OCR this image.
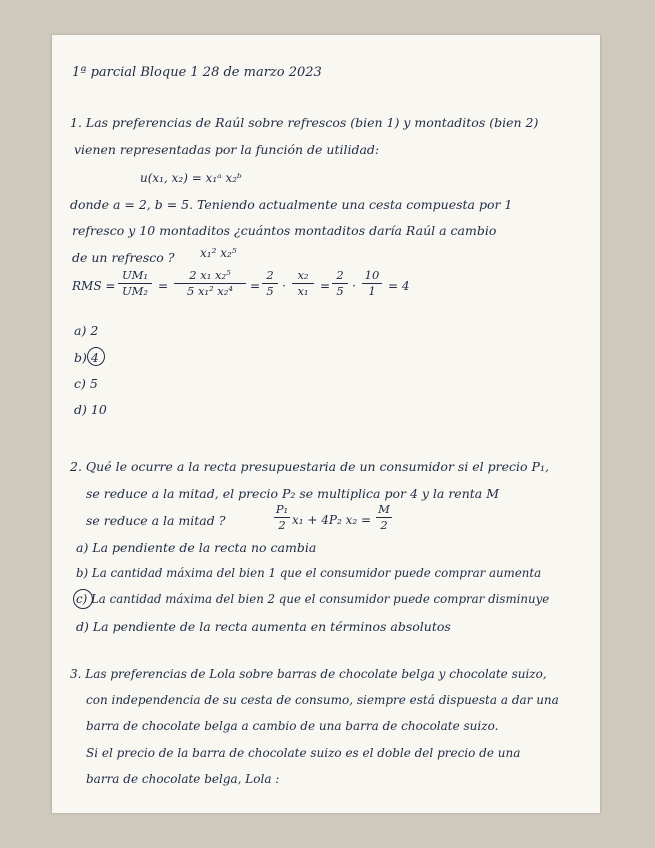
1ª parcial Bloque 1 28 de marzo 2023
1. Las preferencias de Raúl sobre refrescos (bien 1) y montaditos (bien 2)
vienen representadas por la función de utilidad:
u(x₁, x₂) = x₁ᵃ x₂ᵇ
donde a = 2, b = 5. Teniendo actualmente una cesta compuesta por 1
refresco y 10 montaditos ¿cuántos montaditos daría Raúl a cambio
de un refresco ? x₁² x₂⁵
RMS =
UM₁
UM₂ =
2 x₁ x₂⁵
5 x₁² x₂⁴	=
2
5 ·
x₂
x₁ =
2
5 ·
10
1	= 4
a) 2
b) 4
c) 5
d) 10
2. Qué le ocurre a la recta presupuestaria de un consumidor si el precio P₁,
se reduce a la mitad, el precio P₂ se multiplica por 4 y la renta M
se reduce a la mitad ?
P₁
2 x₁ + 4P₂ x₂ =
M
2
a) La pendiente de la recta no cambia
b) La cantidad máxima del bien 1 que el consumidor puede comprar aumenta
c) La cantidad máxima del bien 2 que el consumidor puede comprar disminuye
d) La pendiente de la recta aumenta en términos absolutos
3. Las preferencias de Lola sobre barras de chocolate belga y chocolate suizo,
con independencia de su cesta de consumo, siempre está dispuesta a dar una
barra de chocolate belga a cambio de una barra de chocolate suizo.
Si el precio de la barra de chocolate suizo es el doble del precio de una
barra de chocolate belga, Lola :
